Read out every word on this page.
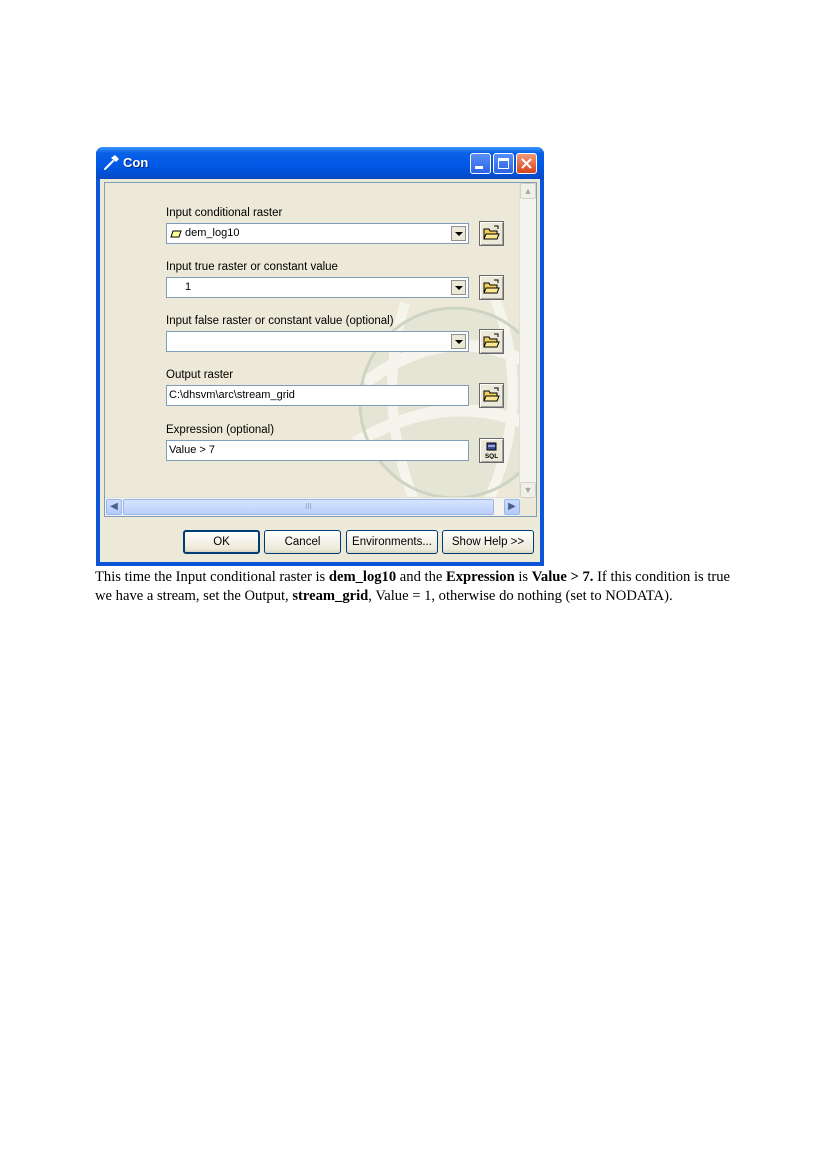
Con
Input conditional raster
dem_log10
Input true raster or constant value
1
Input false raster or constant value (optional)
Output raster
C:\dhsvm\arc\stream_grid
Expression (optional)
Value > 7
SQL
▲
▼
◀	III	▶
OK	Cancel	Environments...	Show Help >>

This time the Input conditional raster is dem_log10 and the Expression is Value > 7. If this condition is true we have a stream, set the Output, stream_grid, Value = 1, otherwise do nothing (set to NODATA).
